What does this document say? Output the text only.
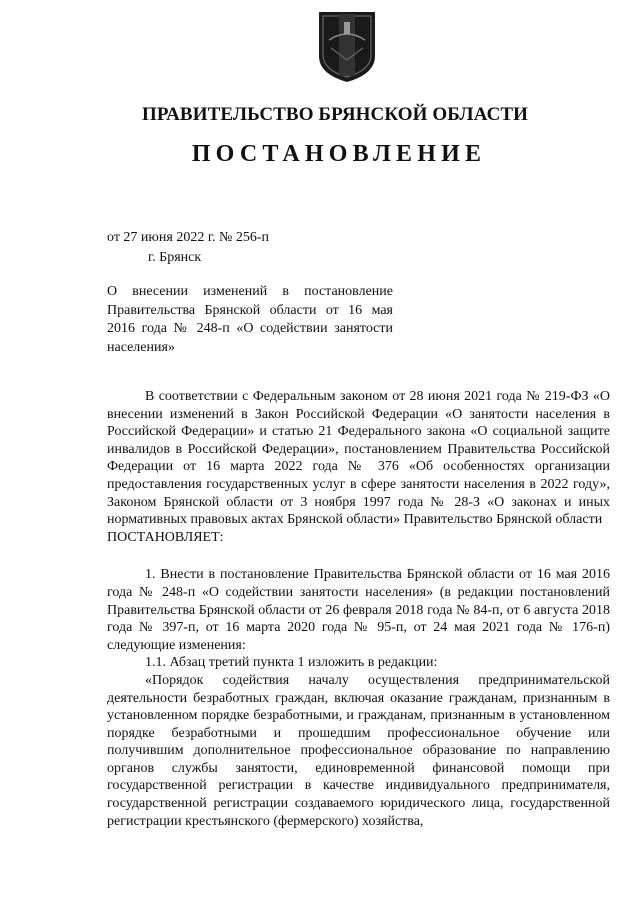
ПРАВИТЕЛЬСТВО БРЯНСКОЙ ОБЛАСТИ
ПОСТАНОВЛЕНИЕ
от 27 июня 2022 г. № 256-п
г. Брянск
О внесении изменений в постановление Правительства Брянской области от 16 мая 2016 года № 248-п «О содействии занятости населения»

В соответствии с Федеральным законом от 28 июня 2021 года № 219-ФЗ «О внесении изменений в Закон Российской Федерации «О занятости населения в Российской Федерации» и статью 21 Федерального закона «О социальной защите инвалидов в Российской Федерации», постановлением Правительства Российской Федерации от 16 марта 2022 года № 376 «Об особенностях организации предоставления государственных услуг в сфере занятости населения в 2022 году», Законом Брянской области от 3 ноября 1997 года № 28-З «О законах и иных нормативных правовых актах Брянской области» Правительство Брянской области

ПОСТАНОВЛЯЕТ:

1. Внести в постановление Правительства Брянской области от 16 мая 2016 года № 248-п «О содействии занятости населения» (в редакции постановлений Правительства Брянской области от 26 февраля 2018 года № 84-п, от 6 августа 2018 года № 397-п, от 16 марта 2020 года № 95-п, от 24 мая 2021 года № 176-п) следующие изменения:

1.1. Абзац третий пункта 1 изложить в редакции:

«Порядок содействия началу осуществления предпринимательской деятельности безработных граждан, включая оказание гражданам, признанным в установленном порядке безработными, и гражданам, признанным в установленном порядке безработными и прошедшим профессиональное обучение или получившим дополнительное профессиональное образование по направлению органов службы занятости, единовременной финансовой помощи при государственной регистрации в качестве индивидуального предпринимателя, государственной регистрации создаваемого юридического лица, государственной регистрации крестьянского (фермерского) хозяйства,
